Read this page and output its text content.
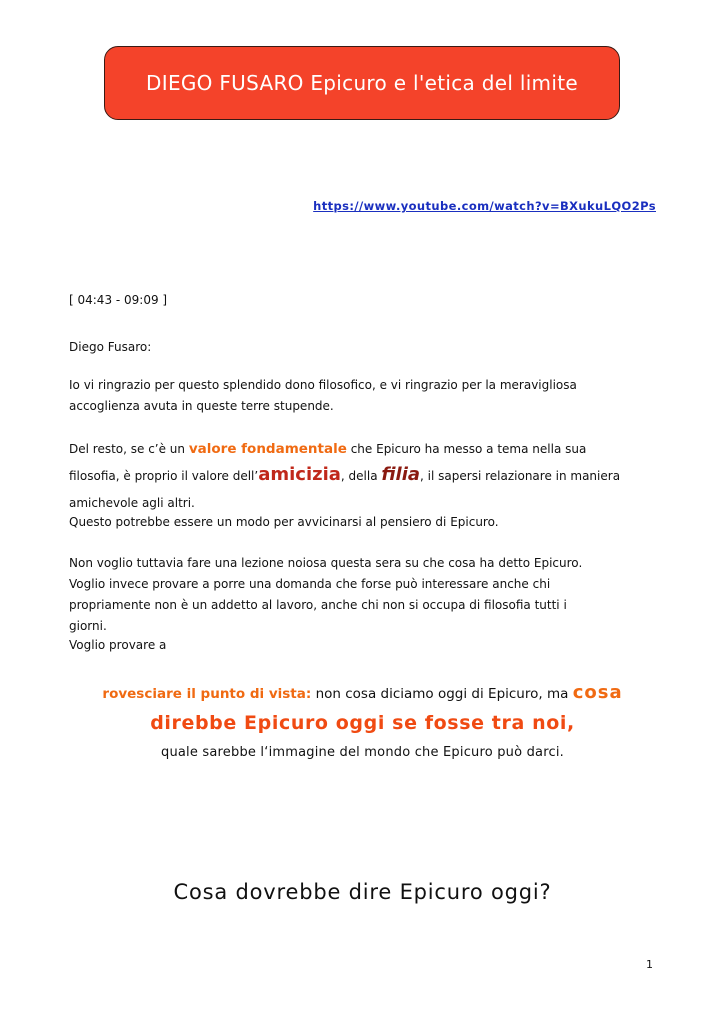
DIEGO FUSARO Epicuro e l'etica del limite
https://www.youtube.com/watch?v=BXukuLQO2Ps
[ 04:43 - 09:09 ]
Diego Fusaro:
Io vi ringrazio per questo splendido dono filosofico, e vi ringrazio per la meravigliosa
accoglienza avuta in queste terre stupende.
Del resto, se c’è un valore fondamentale che Epicuro ha messo a tema nella sua
filosofia, è proprio il valore dell’amicizia, della filia, il sapersi relazionare in maniera
amichevole agli altri.
Questo potrebbe essere un modo per avvicinarsi al pensiero di Epicuro.
Non voglio tuttavia fare una lezione noiosa questa sera su che cosa ha detto Epicuro.
Voglio invece provare a porre una domanda che forse può interessare anche chi
propriamente non è un addetto al lavoro, anche chi non si occupa di filosofia tutti i
giorni.
Voglio provare a
rovesciare il punto di vista: non cosa diciamo oggi di Epicuro, ma cosa
direbbe Epicuro oggi se fosse tra noi,
quale sarebbe l‘immagine del mondo che Epicuro può darci.
Cosa dovrebbe dire Epicuro oggi?
1
